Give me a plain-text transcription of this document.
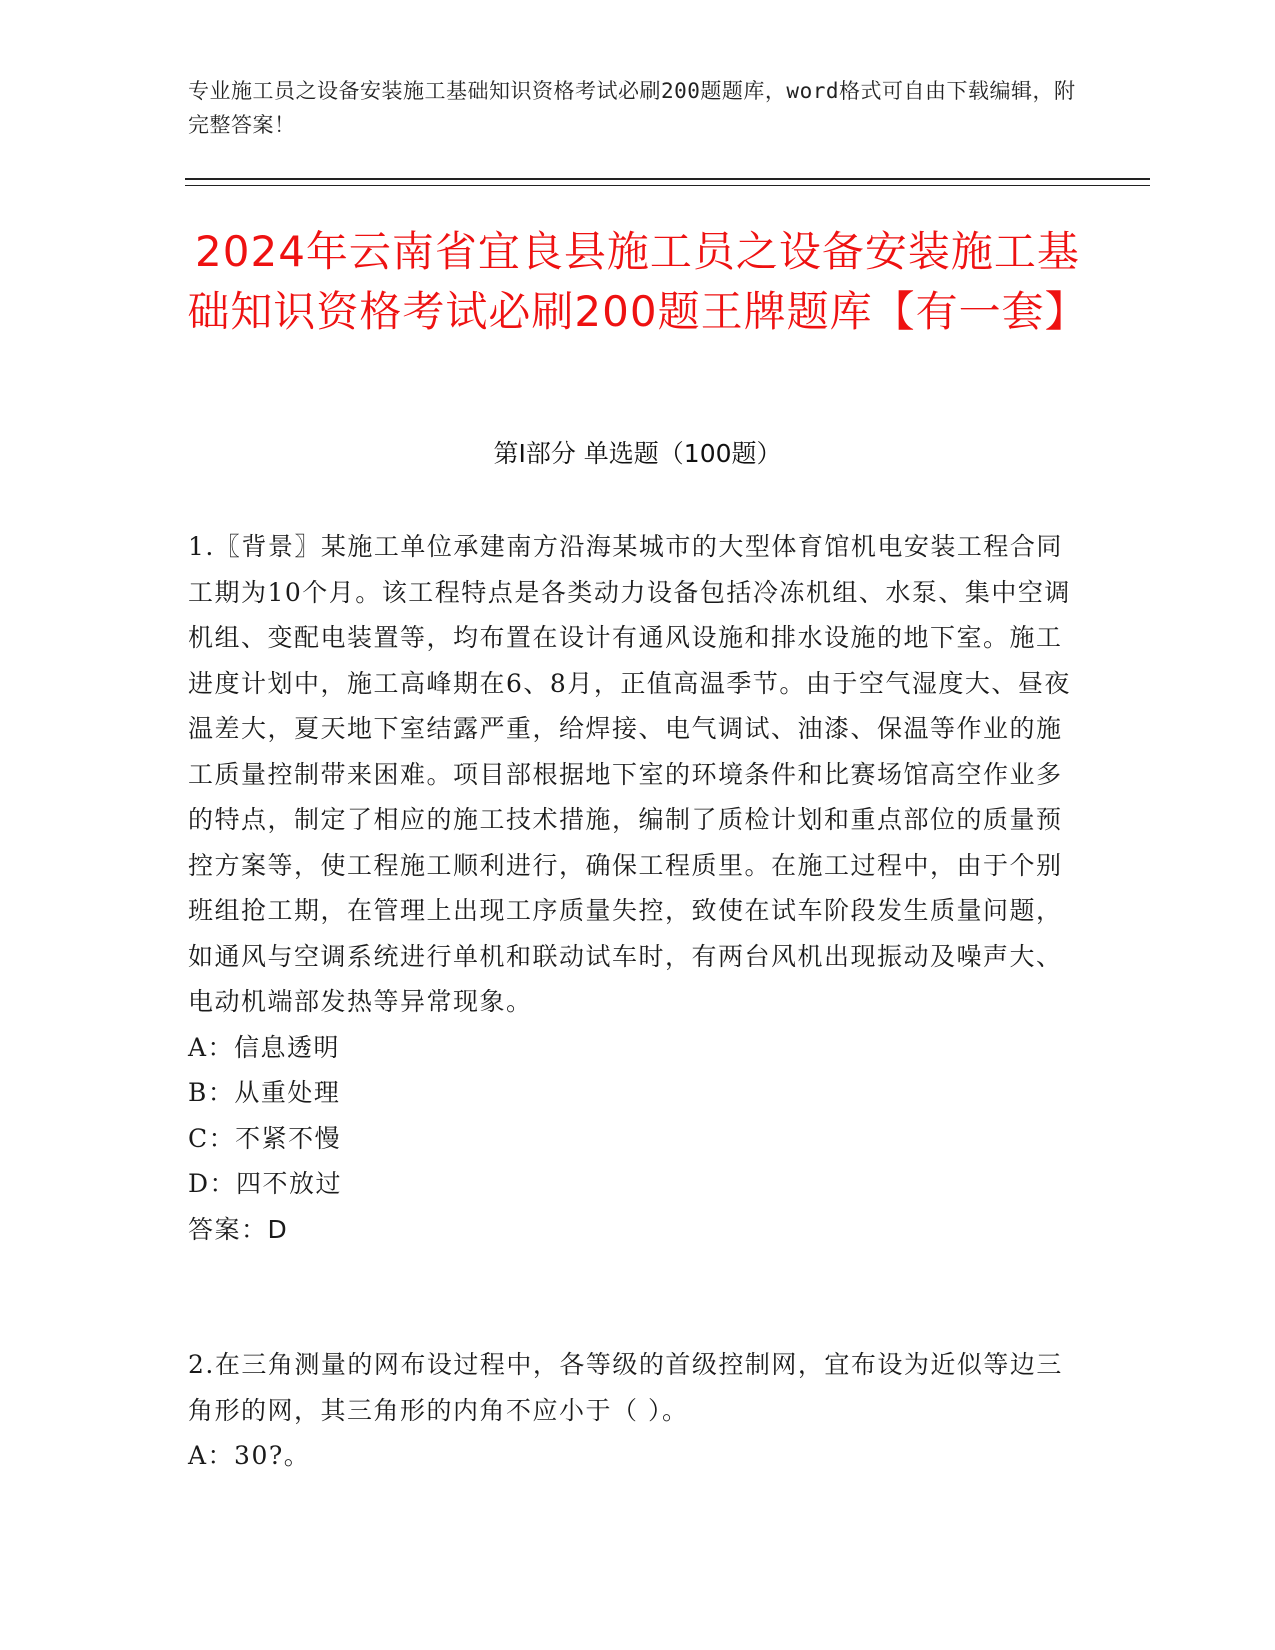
专业施工员之设备安装施工基础知识资格考试必刷200题题库，word格式可自由下载编辑，附完整答案！
2024年云南省宜良县施工员之设备安装施工基础知识资格考试必刷200题王牌题库【有一套】
第I部分 单选题（100题）

1.〖背景〗某施工单位承建南方沿海某城市的大型体育馆机电安装工程合同工期为10个月。该工程特点是各类动力设备包括冷冻机组、水泵、集中空调机组、变配电装置等，均布置在设计有通风设施和排水设施的地下室。施工进度计划中，施工高峰期在6、8月，正值高温季节。由于空气湿度大、昼夜温差大，夏天地下室结露严重，给焊接、电气调试、油漆、保温等作业的施工质量控制带来困难。项目部根据地下室的环境条件和比赛场馆高空作业多的特点，制定了相应的施工技术措施，编制了质检计划和重点部位的质量预控方案等，使工程施工顺利进行，确保工程质里。在施工过程中，由于个别班组抢工期，在管理上出现工序质量失控，致使在试车阶段发生质量问题，如通风与空调系统进行单机和联动试车时，有两台风机出现振动及噪声大、电动机端部发热等异常现象。

A：信息透明

B：从重处理

C：不紧不慢

D：四不放过

答案：D

2.在三角测量的网布设过程中，各等级的首级控制网，宜布设为近似等边三角形的网，其三角形的内角不应小于（ ）。

A：30?。
